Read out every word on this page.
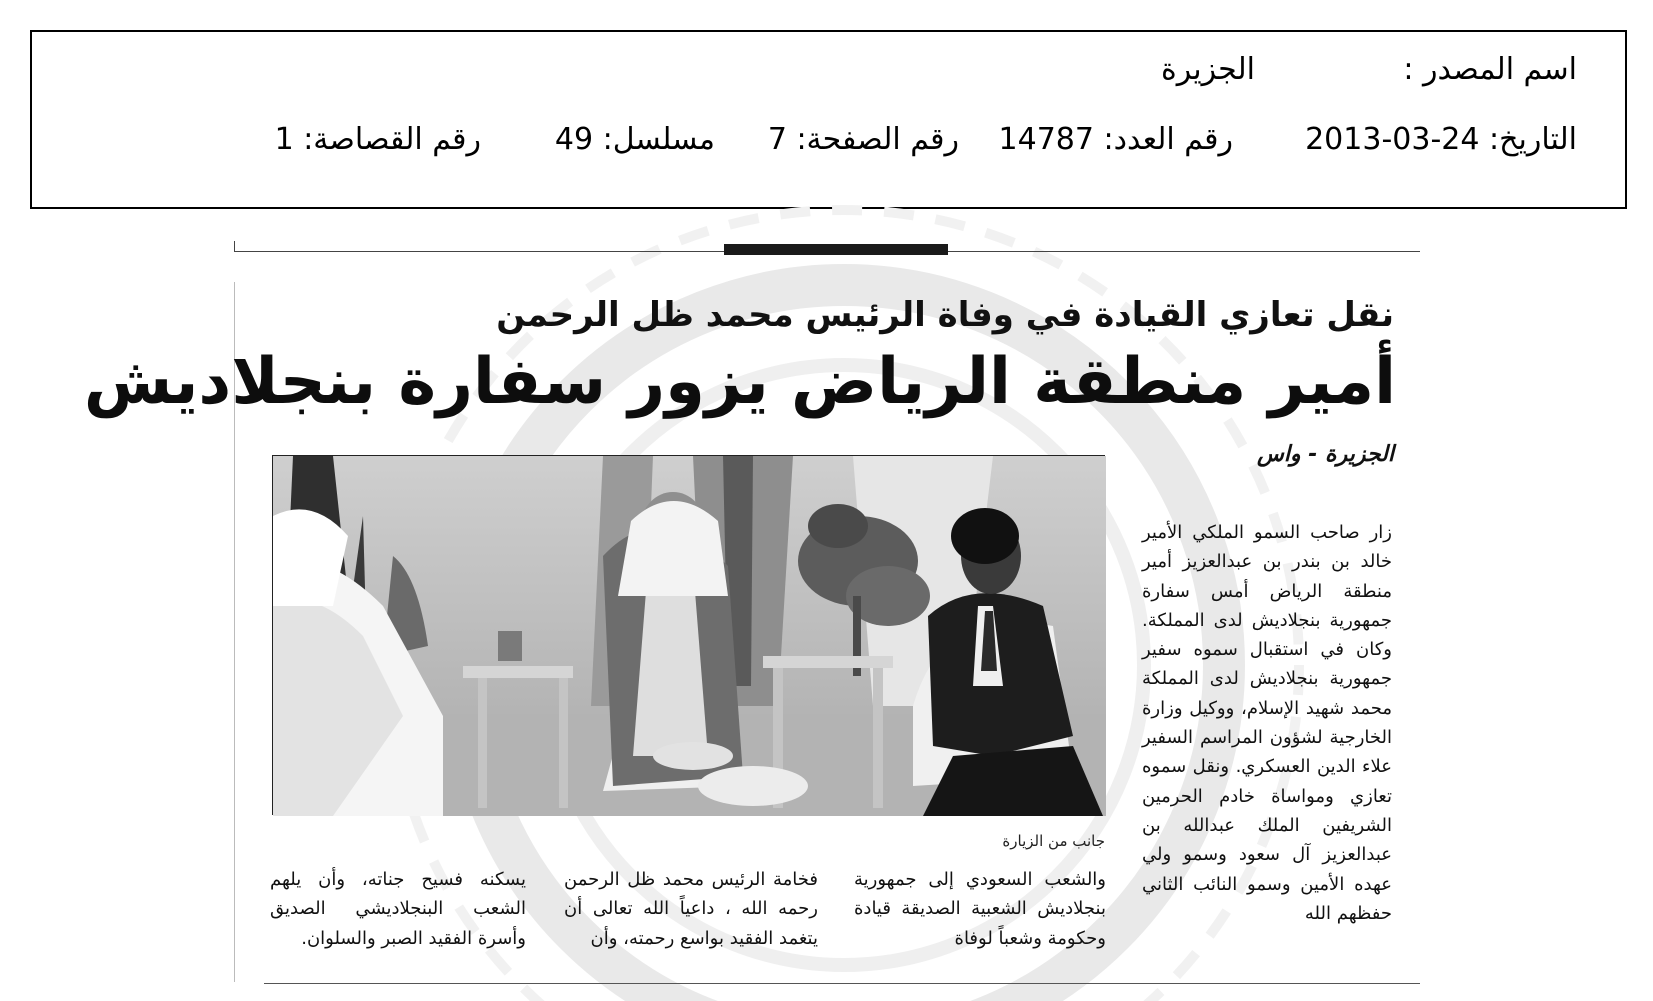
اسم المصدر :
الجزيرة
التاريخ: 24-03-2013
رقم العدد: 14787
رقم الصفحة: 7
مسلسل: 49
رقم القصاصة: 1
نقل تعازي القيادة في وفاة الرئيس محمد ظل الرحمن
أمير منطقة الرياض يزور سفارة بنجلاديش
الجزيرة - واس
جانب من الزيارة

زار صاحب السمو الملكي الأمير خالد بن بندر بن عبدالعزيز أمير منطقة الرياض أمس سفارة جمهورية بنجلاديش لدى المملكة. وكان في استقبال سموه سفير جمهورية بنجلاديش لدى المملكة محمد شهيد الإسلام، ووكيل وزارة الخارجية لشؤون المراسم السفير علاء الدين العسكري. ونقل سموه تعازي ومواساة خادم الحرمين الشريفين الملك عبدالله بن عبدالعزيز آل سعود وسمو ولي عهده الأمين وسمو النائب الثاني حفظهم الله

والشعب السعودي إلى جمهورية بنجلاديش الشعبية الصديقة قيادة وحكومة وشعباً لوفاة

فخامة الرئيس محمد ظل الرحمن رحمه الله ، داعياً الله تعالى أن يتغمد الفقيد بواسع رحمته، وأن

يسكنه فسيح جناته، وأن يلهم الشعب البنجلاديشي الصديق وأسرة الفقيد الصبر والسلوان.
